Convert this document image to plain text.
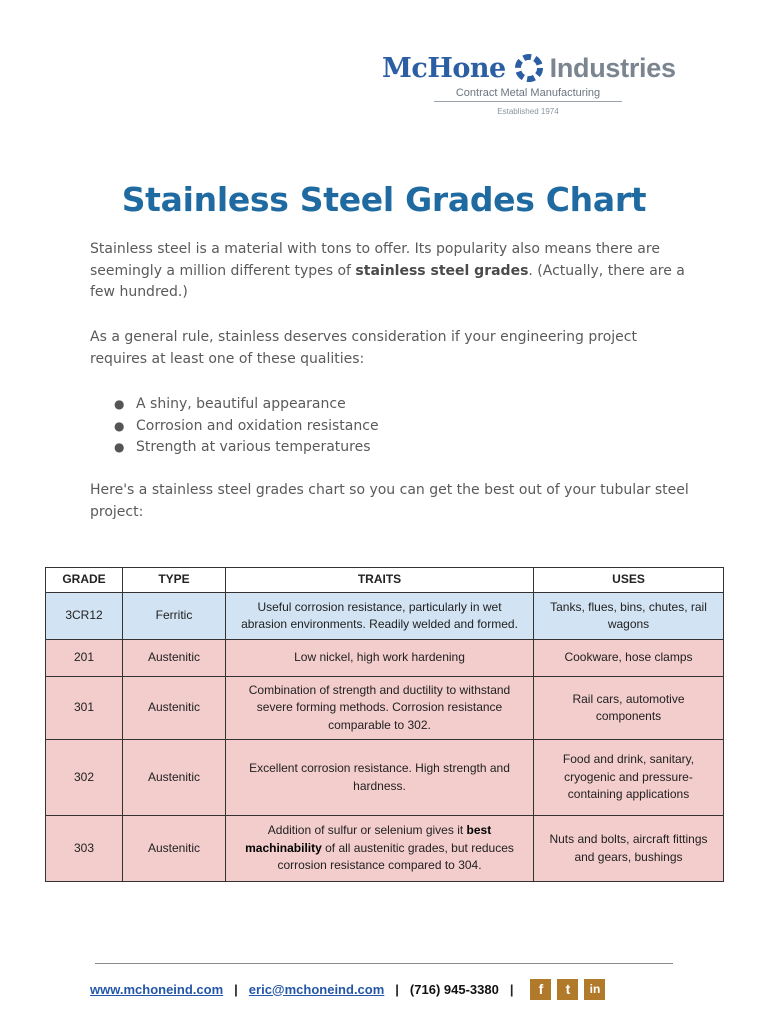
McHone Industries
Contract Metal Manufacturing
Established 1974
Stainless Steel Grades Chart

Stainless steel is a material with tons to offer. Its popularity also means there are seemingly a million different types of stainless steel grades. (Actually, there are a few hundred.)

As a general rule, stainless deserves consideration if your engineering project requires at least one of these qualities:

● A shiny, beautiful appearance
● Corrosion and oxidation resistance
● Strength at various temperatures

Here's a stainless steel grades chart so you can get the best out of your tubular steel project:

GRADE	TYPE	TRAITS	USES
3CR12	Ferritic	Useful corrosion resistance, particularly in wet abrasion environments. Readily welded and formed.	Tanks, flues, bins, chutes, rail wagons
201	Austenitic	Low nickel, high work hardening	Cookware, hose clamps
301	Austenitic	Combination of strength and ductility to withstand severe forming methods. Corrosion resistance comparable to 302.	Rail cars, automotive components
302	Austenitic	Excellent corrosion resistance. High strength and hardness.	Food and drink, sanitary, cryogenic and pressure-containing applications
303	Austenitic	Addition of sulfur or selenium gives it best machinability of all austenitic grades, but reduces corrosion resistance compared to 304.	Nuts and bolts, aircraft fittings and gears, bushings
www.mchoneind.com | eric@mchoneind.com | (716) 945-3380 |	f	t	in
